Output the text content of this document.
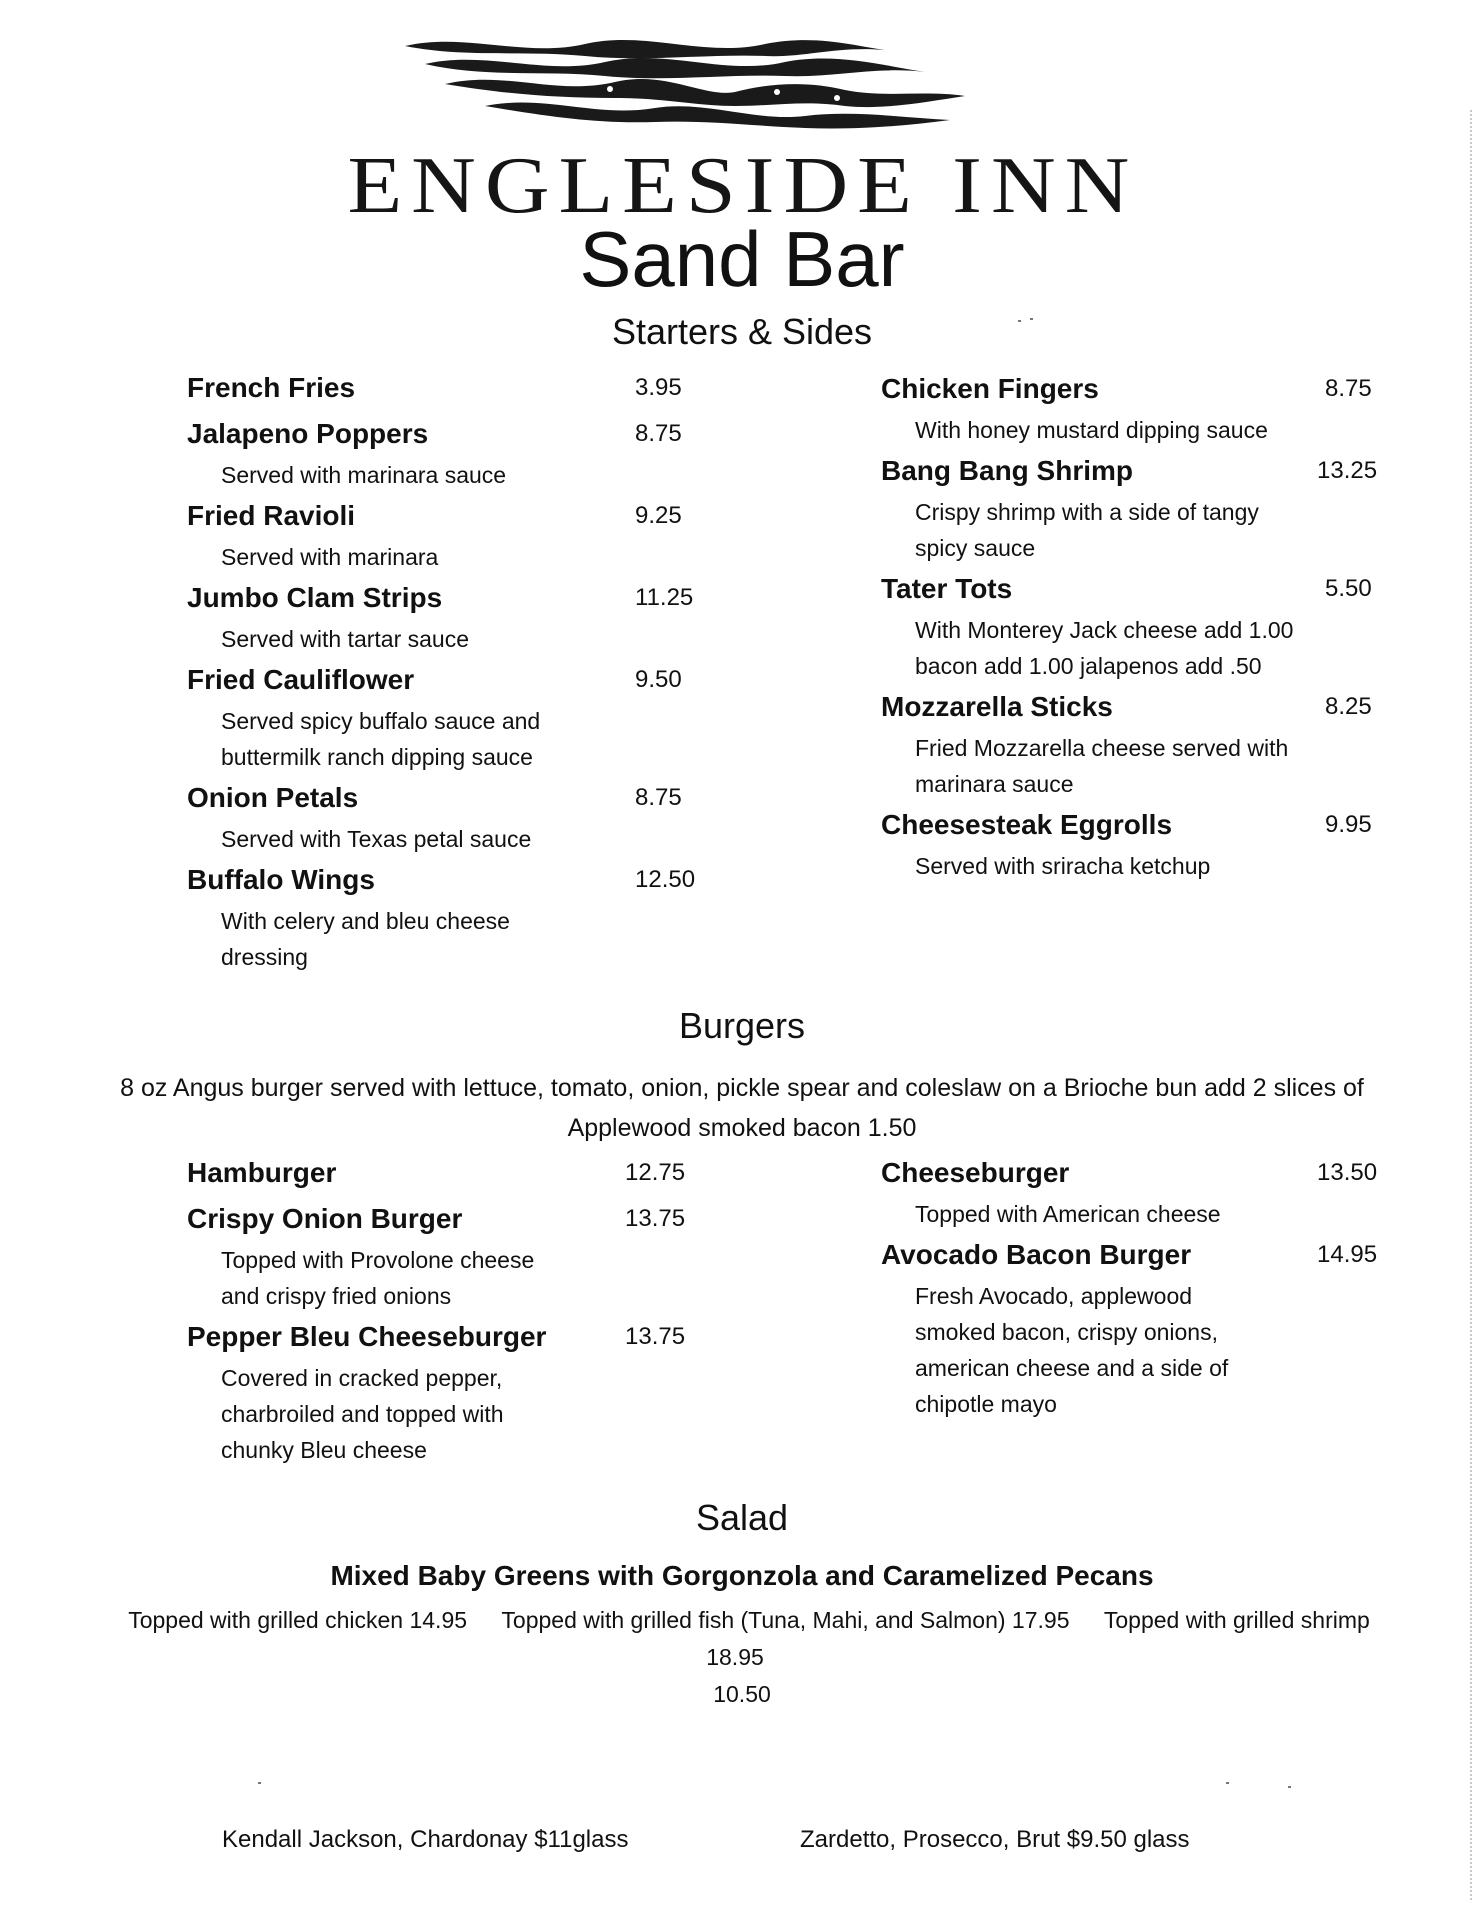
ENGLESIDE INN
Sand Bar
Starters & Sides
French Fries	3.95
Jalapeno Poppers	8.75
Served with marinara sauce
Fried Ravioli	9.25
Served with marinara
Jumbo Clam Strips	11.25
Served with tartar sauce
Fried Cauliflower	9.50
Served spicy buffalo sauce and buttermilk ranch dipping sauce
Onion Petals	8.75
Served with Texas petal sauce
Buffalo Wings	12.50
With celery and bleu cheese dressing
Chicken Fingers	8.75
With honey mustard dipping sauce
Bang Bang Shrimp	13.25
Crispy shrimp with a side of tangy spicy sauce
Tater Tots	5.50
With Monterey Jack cheese add 1.00 bacon add 1.00 jalapenos add .50
Mozzarella Sticks	8.25
Fried Mozzarella cheese served with marinara sauce
Cheesesteak Eggrolls	9.95
Served with sriracha ketchup
Burgers
8 oz Angus burger served with lettuce, tomato, onion, pickle spear and coleslaw on a Brioche bun add 2 slices of Applewood smoked bacon 1.50
Hamburger	12.75
Crispy Onion Burger	13.75
Topped with Provolone cheese and crispy fried onions
Pepper Bleu Cheeseburger	13.75
Covered in cracked pepper, charbroiled and topped with chunky Bleu cheese
Cheeseburger	13.50
Topped with American cheese
Avocado Bacon Burger	14.95
Fresh Avocado, applewood smoked bacon, crispy onions, american cheese and a side of chipotle mayo
Salad
Mixed Baby Greens with Gorgonzola and Caramelized Pecans
Topped with grilled chicken 14.95 Topped with grilled fish (Tuna, Mahi, and Salmon) 17.95 Topped with grilled shrimp 18.95
10.50
Kendall Jackson, Chardonay $11glass	Zardetto, Prosecco, Brut $9.50 glass
